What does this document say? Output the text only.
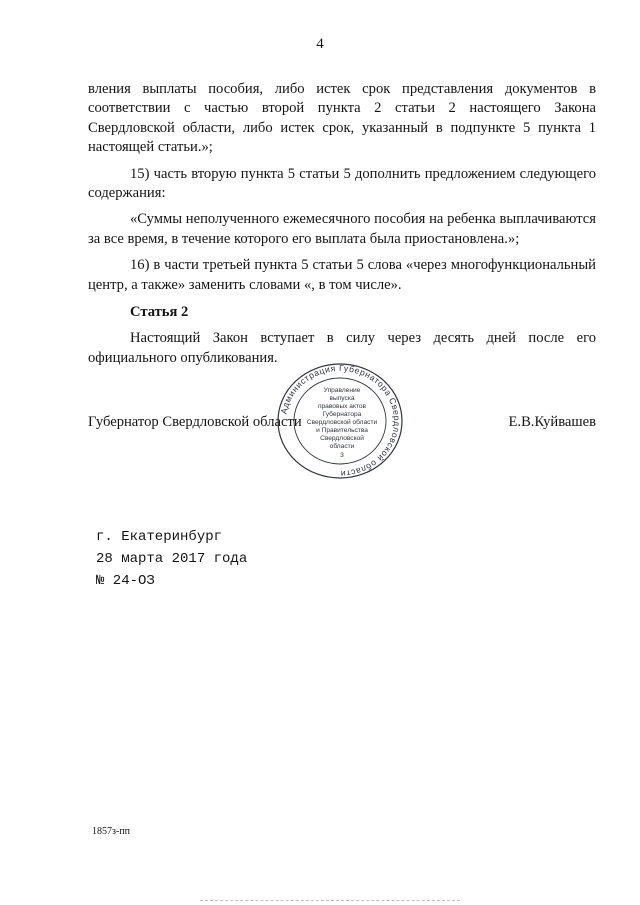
4

вления выплаты пособия, либо истек срок представления документов в соответствии с частью второй пункта 2 статьи 2 настоящего Закона Свердловской области, либо истек срок, указанный в подпункте 5 пункта 1 настоящей статьи.»;

15) часть вторую пункта 5 статьи 5 дополнить предложением следующего содержания:

«Суммы неполученного ежемесячного пособия на ребенка выплачиваются за все время, в течение которого его выплата была приостановлена.»;

16) в части третьей пункта 5 статьи 5 слова «через многофункциональный центр, а также» заменить словами «, в том числе».

Статья 2

Настоящий Закон вступает в силу через десять дней после его официального опубликования.

Администрация Губернатора Свердловской области
Управление
выпуска
правовых актов
Губернатора
Свердловской области
и Правительства
Свердловской
области
3
Губернатор Свердловской области	Е.В.Куйвашев
г. Екатеринбург
28 марта 2017 года
№ 24-ОЗ
1857з-пп
